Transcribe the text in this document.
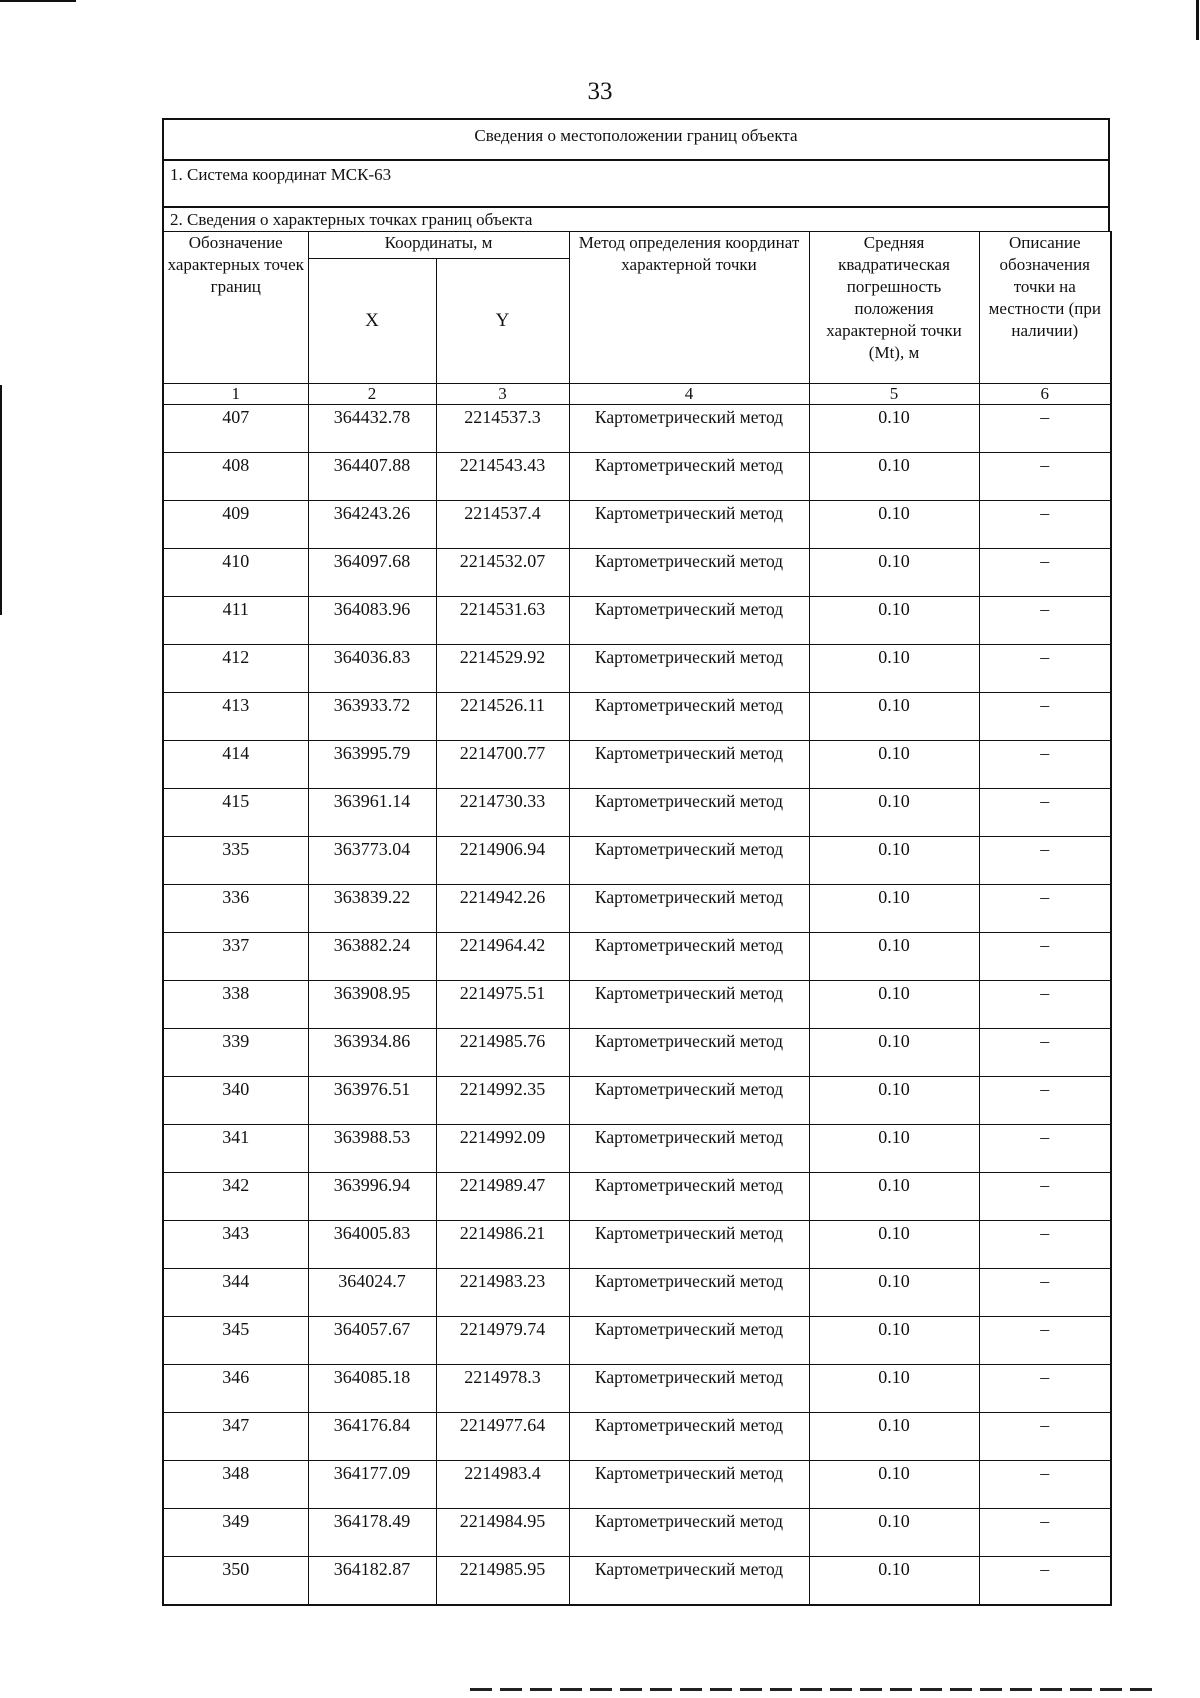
33
Сведения о местоположении границ объекта
1. Система координат МСК-63
2. Сведения о характерных точках границ объекта
Обозначение характерных точек границ	Координаты, м		Метод определения координат характерной точки	Средняя квадратическая погрешность положения характерной точки (Mt), м	Описание обозначения точки на местности (при наличии)
	X	Y			
1	2	3	4	5	6
407	364432.78	2214537.3	Картометрический метод	0.10	–
408	364407.88	2214543.43	Картометрический метод	0.10	–
409	364243.26	2214537.4	Картометрический метод	0.10	–
410	364097.68	2214532.07	Картометрический метод	0.10	–
411	364083.96	2214531.63	Картометрический метод	0.10	–
412	364036.83	2214529.92	Картометрический метод	0.10	–
413	363933.72	2214526.11	Картометрический метод	0.10	–
414	363995.79	2214700.77	Картометрический метод	0.10	–
415	363961.14	2214730.33	Картометрический метод	0.10	–
335	363773.04	2214906.94	Картометрический метод	0.10	–
336	363839.22	2214942.26	Картометрический метод	0.10	–
337	363882.24	2214964.42	Картометрический метод	0.10	–
338	363908.95	2214975.51	Картометрический метод	0.10	–
339	363934.86	2214985.76	Картометрический метод	0.10	–
340	363976.51	2214992.35	Картометрический метод	0.10	–
341	363988.53	2214992.09	Картометрический метод	0.10	–
342	363996.94	2214989.47	Картометрический метод	0.10	–
343	364005.83	2214986.21	Картометрический метод	0.10	–
344	364024.7	2214983.23	Картометрический метод	0.10	–
345	364057.67	2214979.74	Картометрический метод	0.10	–
346	364085.18	2214978.3	Картометрический метод	0.10	–
347	364176.84	2214977.64	Картометрический метод	0.10	–
348	364177.09	2214983.4	Картометрический метод	0.10	–
349	364178.49	2214984.95	Картометрический метод	0.10	–
350	364182.87	2214985.95	Картометрический метод	0.10	–
